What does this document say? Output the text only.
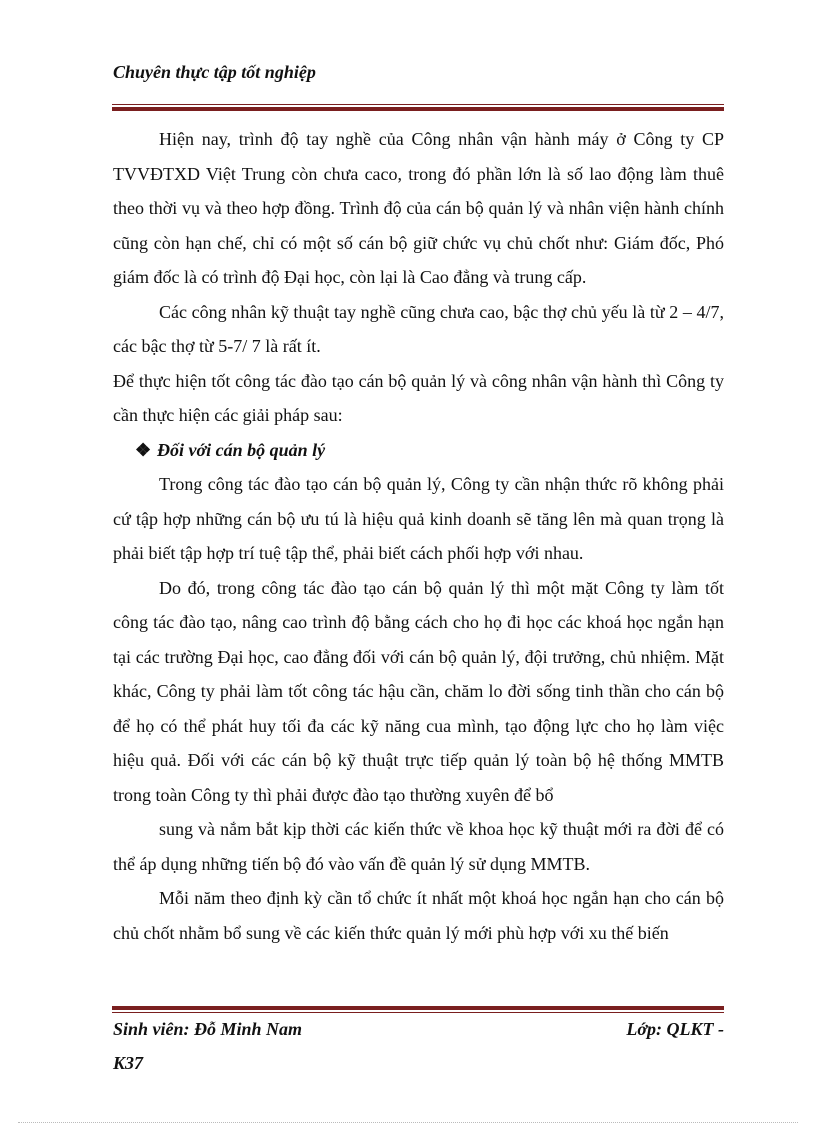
Chuyên thực tập tốt nghiệp

Hiện nay, trình độ tay nghề của Công nhân vận hành máy ở Công ty CP TVVĐTXD Việt Trung còn chưa caco, trong đó phần lớn là số lao động làm thuê theo thời vụ và theo hợp đồng. Trình độ của cán bộ quản lý và nhân viện hành chính cũng còn hạn chế, chỉ có một số cán bộ giữ chức vụ chủ chốt như: Giám đốc, Phó giám đốc là có trình độ Đại học, còn lại là Cao đẳng và trung cấp.

Các công nhân kỹ thuật tay nghề cũng chưa cao, bậc thợ chủ yếu là từ 2 – 4/7, các bậc thợ từ 5-7/ 7 là rất ít.

Để thực hiện tốt công tác đào tạo cán bộ quản lý và công nhân vận hành thì Công ty cần thực hiện các giải pháp sau:

❖ Đối với cán bộ quản lý

Trong công tác đào tạo cán bộ quản lý, Công ty cần nhận thức rõ không phải cứ tập hợp những cán bộ ưu tú là hiệu quả kinh doanh sẽ tăng lên mà quan trọng là phải biết tập hợp trí tuệ tập thể, phải biết cách phối hợp với nhau.

Do đó, trong công tác đào tạo cán bộ quản lý thì một mặt Công ty làm tốt công tác đào tạo, nâng cao trình độ bằng cách cho họ đi học các khoá học ngắn hạn tại các trường Đại học, cao đẳng đối với cán bộ quản lý, đội trưởng, chủ nhiệm. Mặt khác, Công ty phải làm tốt công tác hậu cần, chăm lo đời sống tinh thần cho cán bộ để họ có thể phát huy tối đa các kỹ năng cua mình, tạo động lực cho họ làm việc hiệu quả. Đối với các cán bộ kỹ thuật trực tiếp quản lý toàn bộ hệ thống MMTB trong toàn Công ty thì phải được đào tạo thường xuyên để bổ

sung và nắm bắt kịp thời các kiến thức về khoa học kỹ thuật mới ra đời để có thể áp dụng những tiến bộ đó vào vấn đề quản lý sử dụng MMTB.

Mỗi năm theo định kỳ cần tổ chức ít nhất một khoá học ngắn hạn cho cán bộ chủ chốt nhằm bổ sung về các kiến thức quản lý mới phù hợp với xu thế biến

Sinh viên: Đỗ Minh Nam	Lớp: QLKT -
K37
